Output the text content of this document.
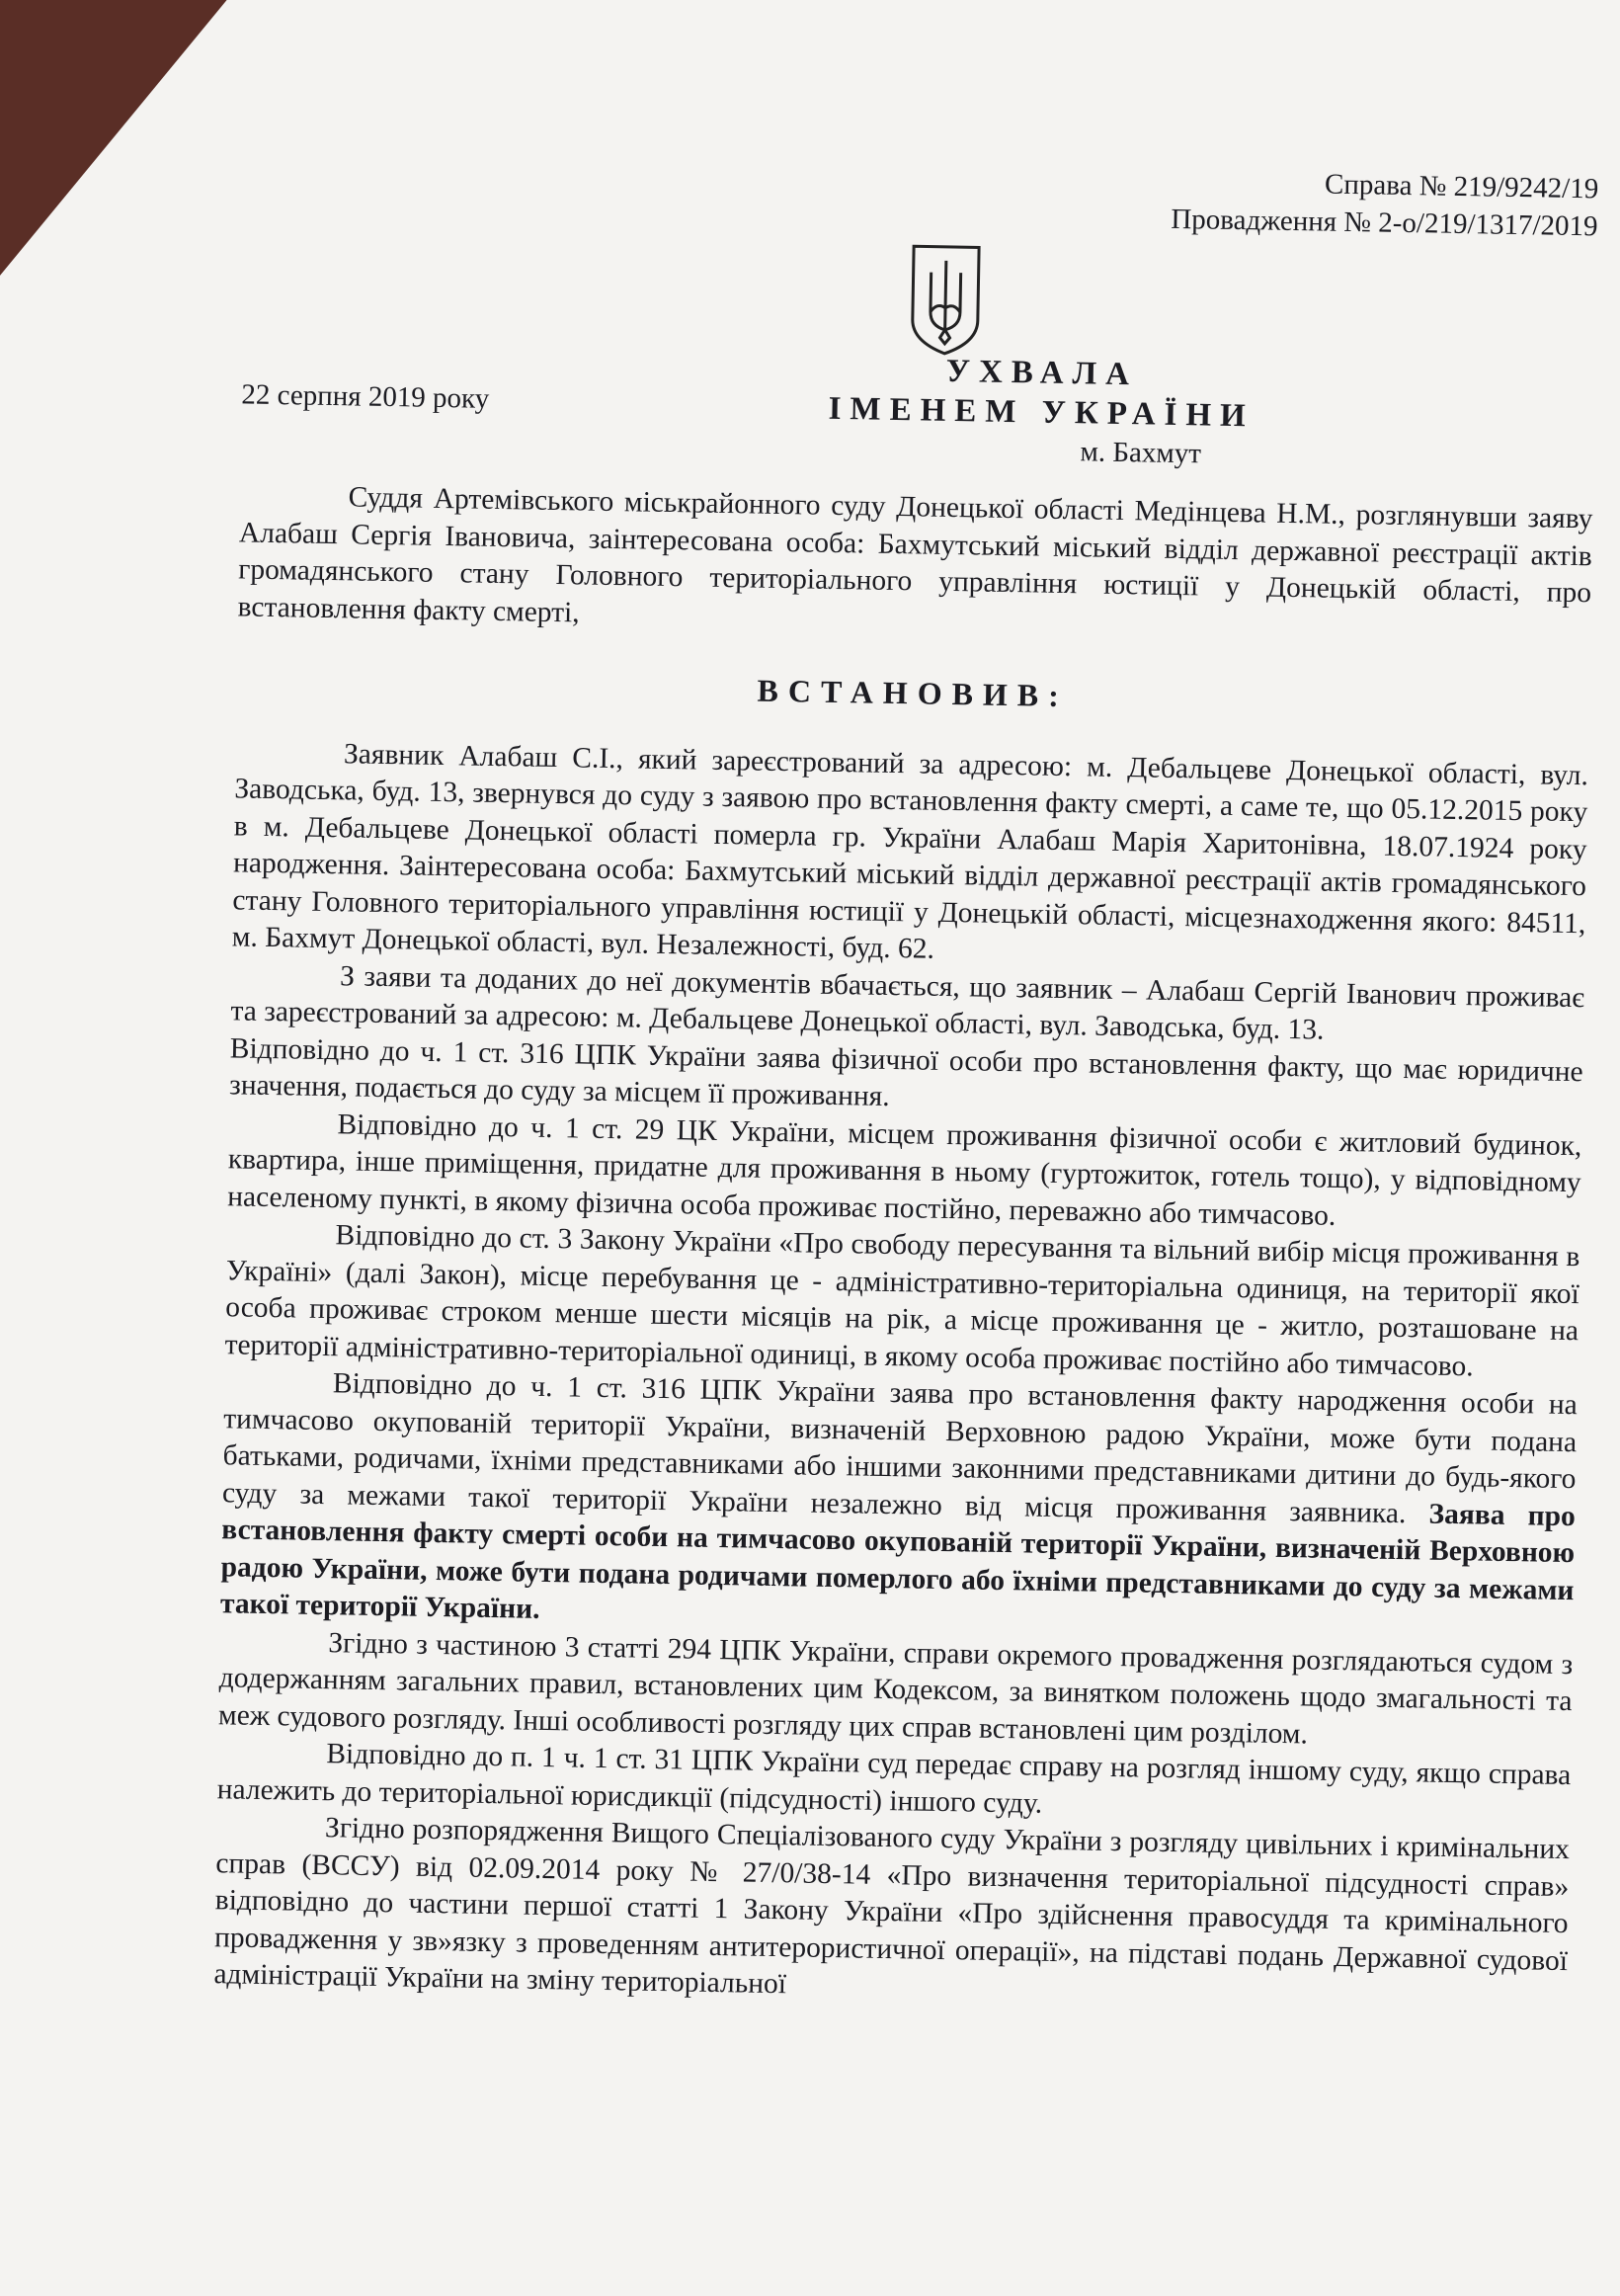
Справа № 219/9242/19
Провадження № 2-о/219/1317/2019
УХВАЛА
ІМЕНЕМ УКРАЇНИ
22 серпня 2019 року
м. Бахмут

Суддя Артемівського міськрайонного суду Донецької області Медінцева Н.М., розглянувши заяву Алабаш Сергія Івановича, заінтересована особа: Бахмутський міський відділ державної реєстрації актів громадянського стану Головного територіального управління юстиції у Донецькій області, про встановлення факту смерті,

ВСТАНОВИВ:

Заявник Алабаш С.І., який зареєстрований за адресою: м. Дебальцеве Донецької області, вул. Заводська, буд. 13, звернувся до суду з заявою про встановлення факту смерті, а саме те, що 05.12.2015 року в м. Дебальцеве Донецької області померла гр. України Алабаш Марія Харитонівна, 18.07.1924 року народження. Заінтересована особа: Бахмутський міський відділ державної реєстрації актів громадянського стану Головного територіального управління юстиції у Донецькій області, місцезнаходження якого: 84511, м. Бахмут Донецької області, вул. Незалежності, буд. 62.

З заяви та доданих до неї документів вбачається, що заявник – Алабаш Сергій Іванович проживає та зареєстрований за адресою: м. Дебальцеве Донецької області, вул. Заводська, буд. 13.

Відповідно до ч. 1 ст. 316 ЦПК України заява фізичної особи про встановлення факту, що має юридичне значення, подається до суду за місцем її проживання.

Відповідно до ч. 1 ст. 29 ЦК України, місцем проживання фізичної особи є житловий будинок, квартира, інше приміщення, придатне для проживання в ньому (гуртожиток, готель тощо), у відповідному населеному пункті, в якому фізична особа проживає постійно, переважно або тимчасово.

Відповідно до ст. 3 Закону України «Про свободу пересування та вільний вибір місця проживання в Україні» (далі Закон), місце перебування це - адміністративно-територіальна одиниця, на території якої особа проживає строком менше шести місяців на рік, а місце проживання це - житло, розташоване на території адміністративно-територіальної одиниці, в якому особа проживає постійно або тимчасово.

Відповідно до ч. 1 ст. 316 ЦПК України заява про встановлення факту народження особи на тимчасово окупованій території України, визначеній Верховною радою України, може бути подана батьками, родичами, їхніми представниками або іншими законними представниками дитини до будь-якого суду за межами такої території України незалежно від місця проживання заявника. Заява про встановлення факту смерті особи на тимчасово окупованій території України, визначеній Верховною радою України, може бути подана родичами померлого або їхніми представниками до суду за межами такої території України.

Згідно з частиною 3 статті 294 ЦПК України, справи окремого провадження розглядаються судом з додержанням загальних правил, встановлених цим Кодексом, за винятком положень щодо змагальності та меж судового розгляду. Інші особливості розгляду цих справ встановлені цим розділом.

Відповідно до п. 1 ч. 1 ст. 31 ЦПК України суд передає справу на розгляд іншому суду, якщо справа належить до територіальної юрисдикції (підсудності) іншого суду.

Згідно розпорядження Вищого Спеціалізованого суду України з розгляду цивільних і кримінальних справ (ВССУ) від 02.09.2014 року № 27/0/38-14 «Про визначення територіальної підсудності справ» відповідно до частини першої статті 1 Закону України «Про здійснення правосуддя та кримінального провадження у зв»язку з проведенням антитерористичної операції», на підставі подань Державної судової адміністрації України на зміну територіальної
